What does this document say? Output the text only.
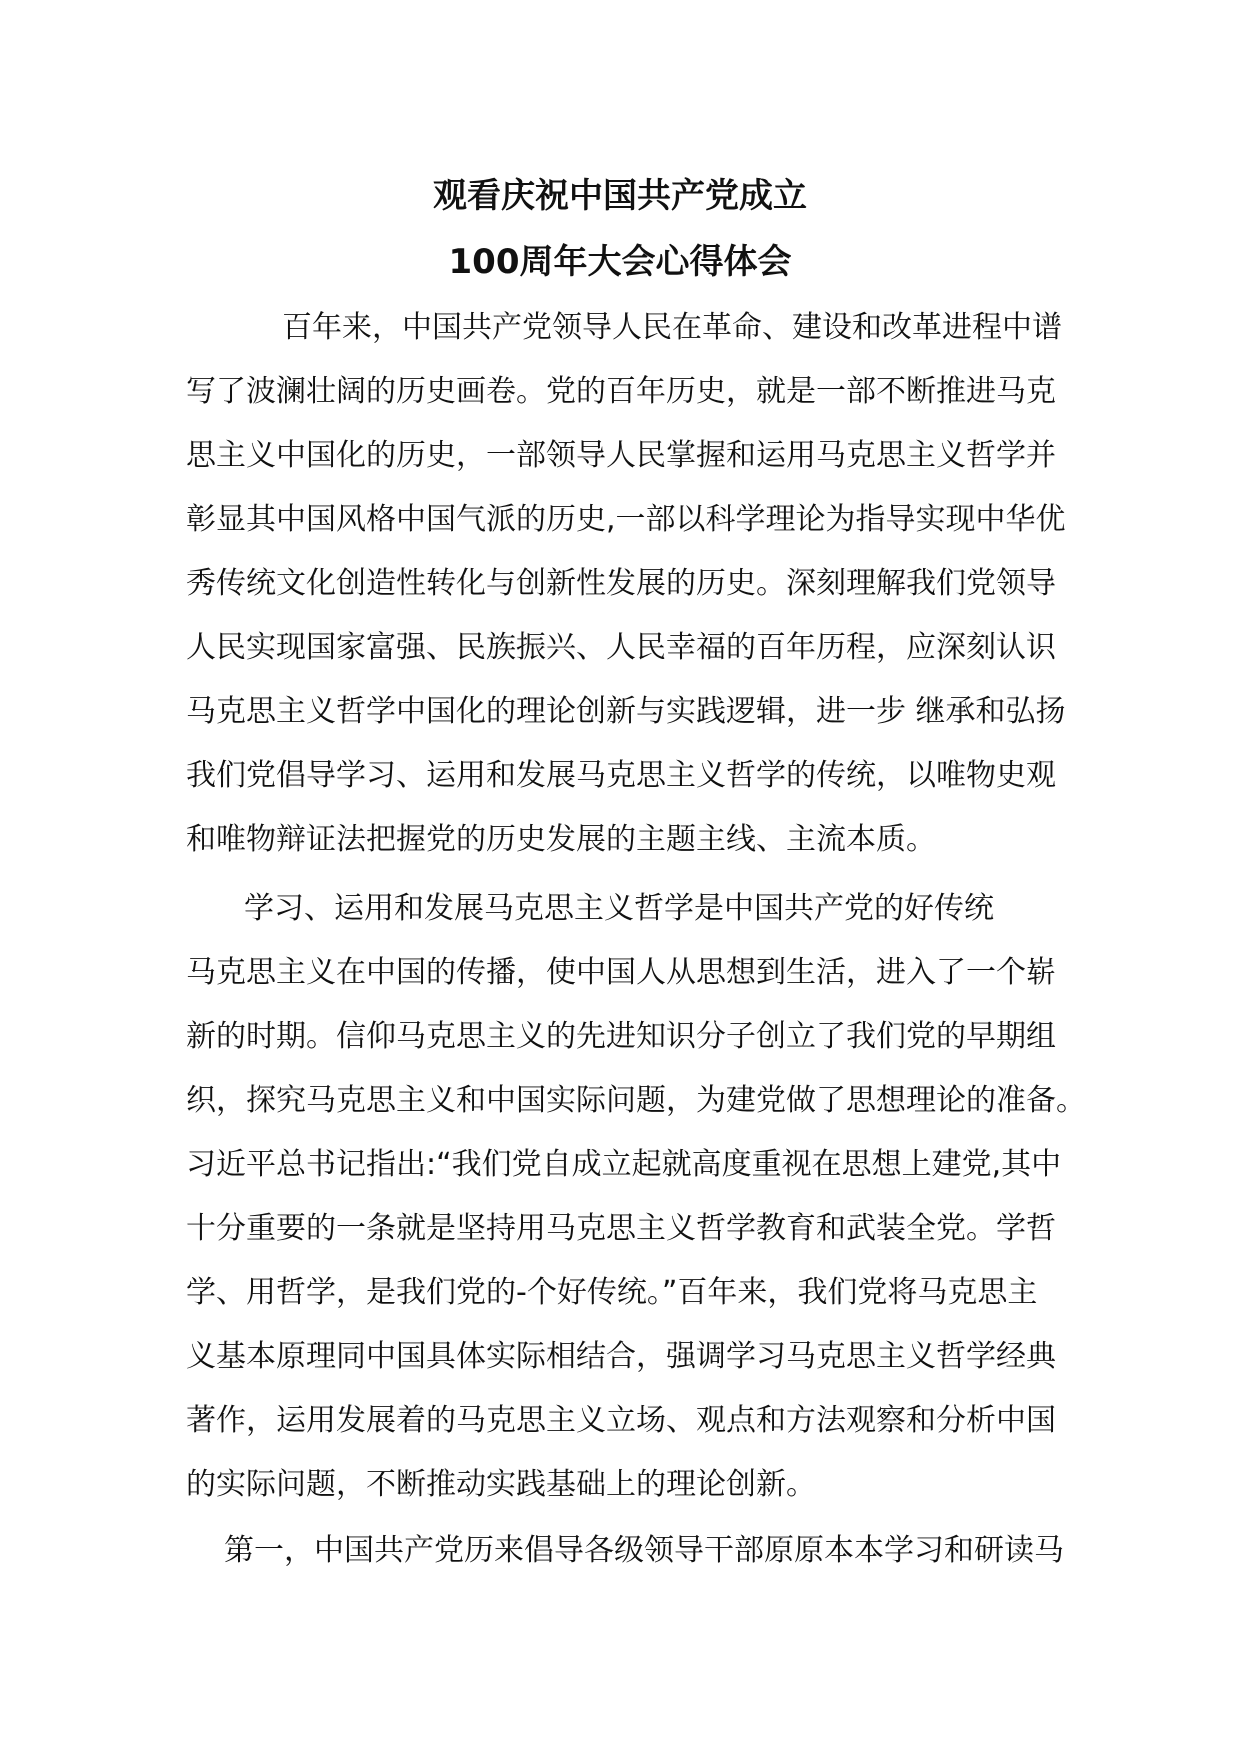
观看庆祝中国共产党成立
100周年大会心得体会

百年来，中国共产党领导人民在革命、建设和改革进程中谱

写了波澜壮阔的历史画卷。党的百年历史，就是一部不断推进马克

思主义中国化的历史，一部领导人民掌握和运用马克思主义哲学并

彰显其中国风格中国气派的历史,一部以科学理论为指导实现中华优

秀传统文化创造性转化与创新性发展的历史。深刻理解我们党领导

人民实现国家富强、民族振兴、人民幸福的百年历程，应深刻认识

马克思主义哲学中国化的理论创新与实践逻辑，进一步 继承和弘扬

我们党倡导学习、运用和发展马克思主义哲学的传统，以唯物史观

和唯物辩证法把握党的历史发展的主题主线、主流本质。

学习、运用和发展马克思主义哲学是中国共产党的好传统

马克思主义在中国的传播，使中国人从思想到生活，进入了一个崭

新的时期。信仰马克思主义的先进知识分子创立了我们党的早期组

织，探究马克思主义和中国实际问题，为建党做了思想理论的准备。

习近平总书记指出:“我们党自成立起就高度重视在思想上建党,其中

十分重要的一条就是坚持用马克思主义哲学教育和武装全党。学哲

学、用哲学，是我们党的-个好传统。”百年来，我们党将马克思主

义基本原理同中国具体实际相结合，强调学习马克思主义哲学经典

著作，运用发展着的马克思主义立场、观点和方法观察和分析中国

的实际问题，不断推动实践基础上的理论创新。

第一，中国共产党历来倡导各级领导干部原原本本学习和研读马
